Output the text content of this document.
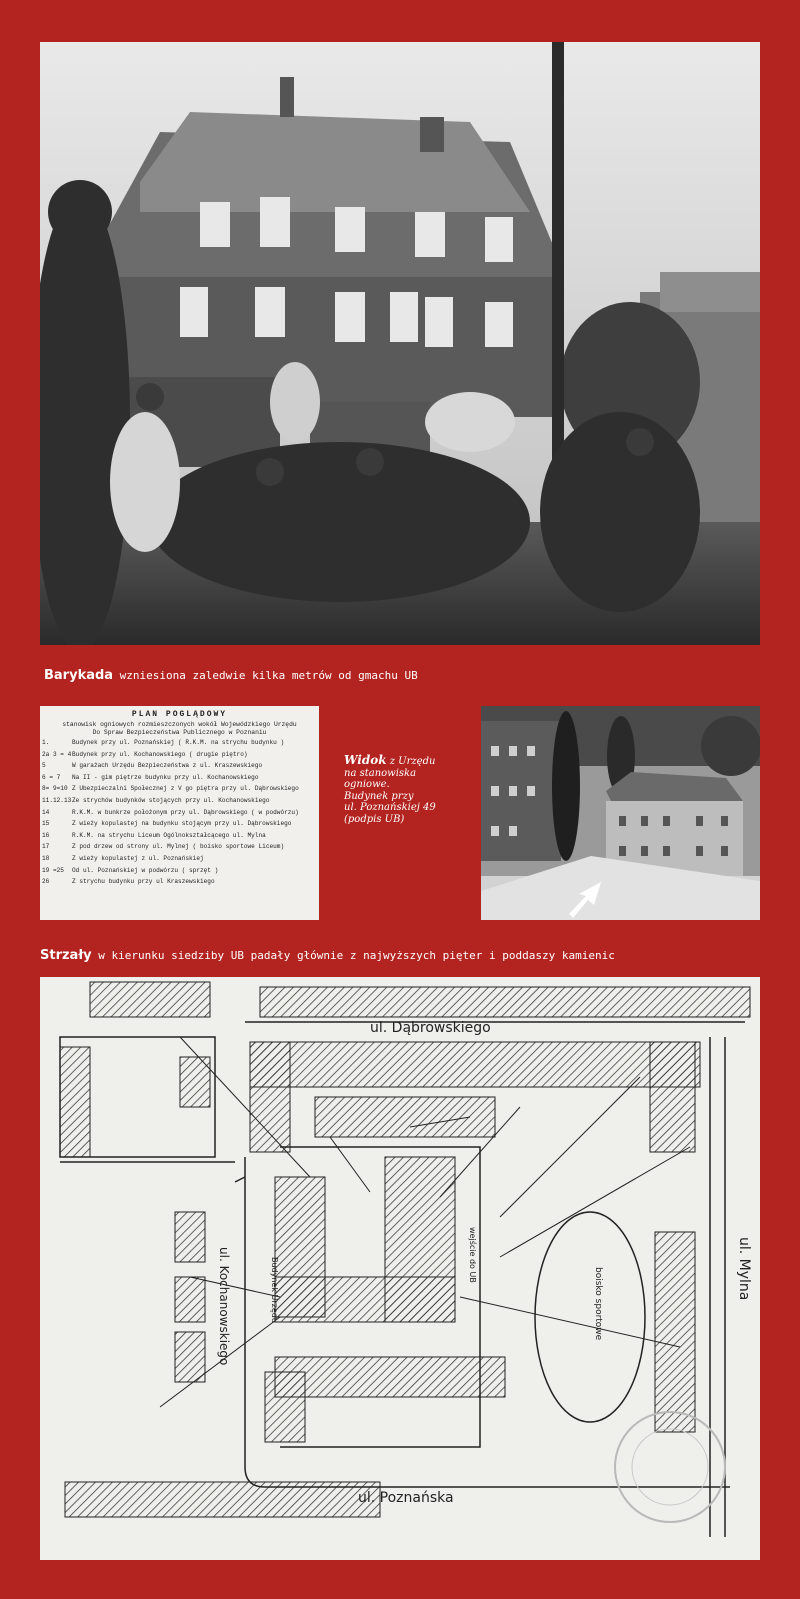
Barykada wzniesiona zaledwie kilka metrów od gmachu UB
PLAN POGLĄDOWY
stanowisk ogniowych rozmieszczonych wokół Wojewódzkiego Urzędu
Do Spraw Bezpieczeństwa Publicznego w Poznaniu
1.	Budynek przy ul. Poznańskiej ( R.K.M. na strychu budynku )
2a 3 = 4 Budynek przy ul. Kochanowskiego ( drugie piętro)
5	W garażach Urzędu Bezpieczeństwa z ul. Kraszewskiego
6 = 7	Na II - gim piętrze budynku przy ul. Kochanowskiego
8= 9=10 Z Ubezpieczalni Społecznej z V go piętra przy ul. Dąbrowskiego
11.12.13 Ze strychów budynków stojących przy ul. Kochanowskiego
14	R.K.M. w bunkrze położonym przy ul. Dąbrowskiego ( w podwórzu)
15	Z wieży kopulastej na budynku stojącym przy ul. Dąbrowskiego
16	R.K.M. na strychu Liceum Ogólnokształcącego ul. Mylna
17	Z pod drzew od strony ul. Mylnej ( boisko sportowe Liceum)
18	Z wieży kopulastej z ul. Poznańskiej
19 =25	Od ul. Poznańskiej w podwórzu ( sprzęt )
26	Z strychu budynku przy ul Kraszewskiego
Widok z Urzędu
na stanowiska
ogniowe.
Budynek przy
ul. Poznańskiej 49
(podpis UB)
Strzały w kierunku siedziby UB padały głównie z najwyższych pięter i poddaszy kamienic
ul. Dąbrowskiego
ul. Mylna
ul. Kochanowskiego
ul. Poznańska
boisko sportowe
wejście do UB
Budynek Urzędu
